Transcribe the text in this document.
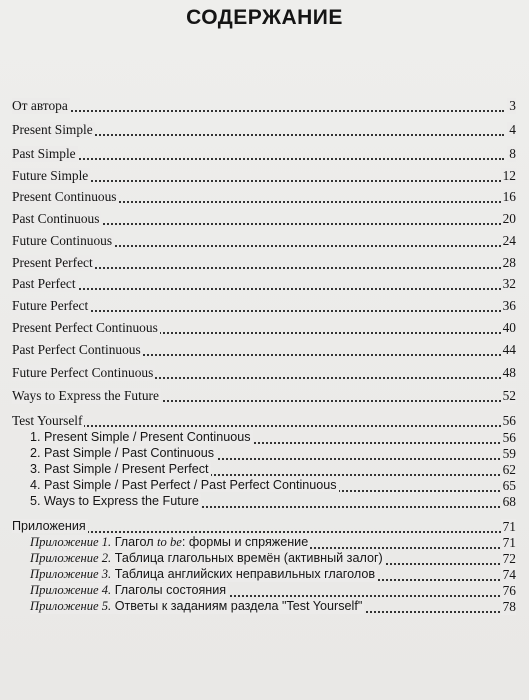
СОДЕРЖАНИЕ
От автора	3
Present Simple	4
Past Simple	8
Future Simple	12
Present Continuous	16
Past Continuous	20
Future Continuous	24
Present Perfect	28
Past Perfect	32
Future Perfect	36
Present Perfect Continuous	40
Past Perfect Continuous	44
Future Perfect Continuous	48
Ways to Express the Future	52
Test Yourself	56
1. Present Simple / Present Continuous	56
2. Past Simple / Past Continuous	59
3. Past Simple / Present Perfect	62
4. Past Simple / Past Perfect / Past Perfect Continuous	65
5. Ways to Express the Future	68
Приложения	71
Приложение 1. Глагол to be: формы и спряжение	71
Приложение 2. Таблица глагольных времён (активный залог)	72
Приложение 3. Таблица английских неправильных глаголов	74
Приложение 4. Глаголы состояния	76
Приложение 5. Ответы к заданиям раздела "Test Yourself"	78
